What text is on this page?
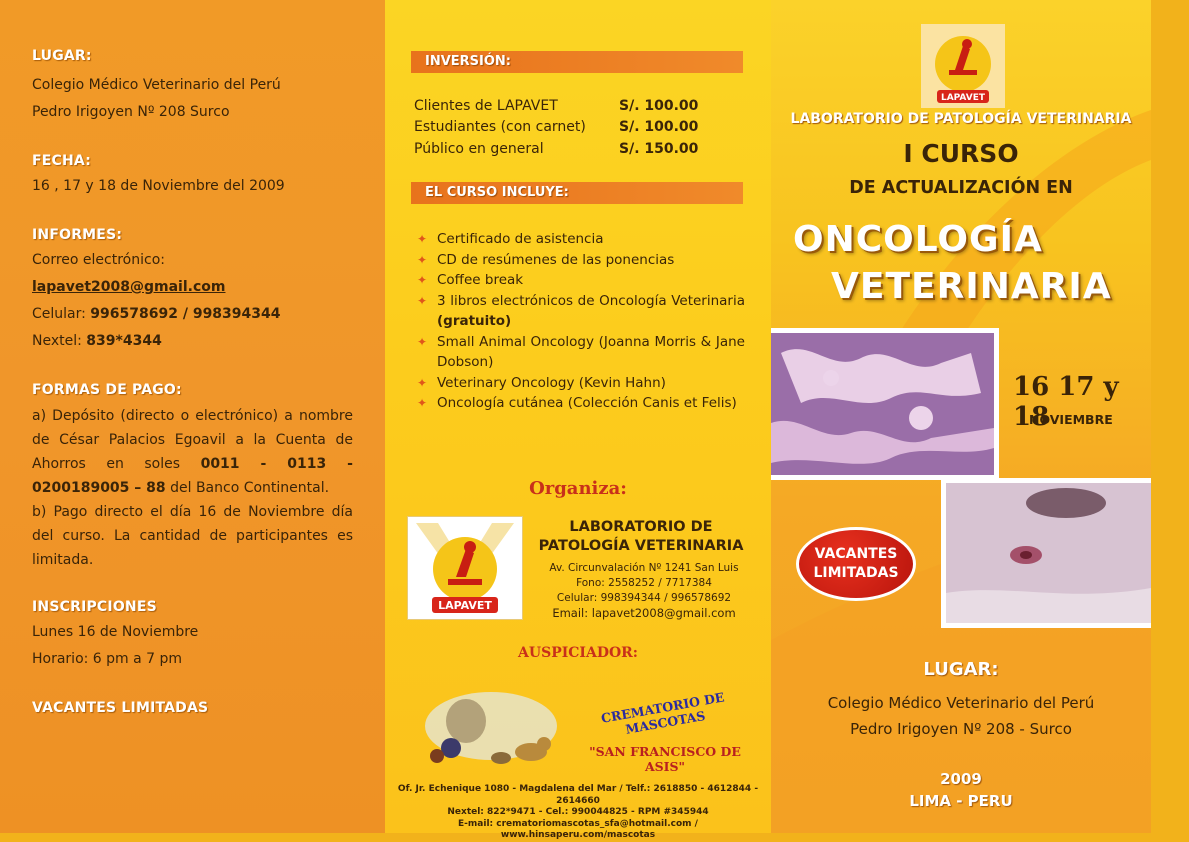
LUGAR:
Colegio Médico Veterinario del Perú
Pedro Irigoyen Nº 208 Surco
FECHA:
16 , 17 y 18 de Noviembre del 2009
INFORMES:
Correo electrónico:
lapavet2008@gmail.com
Celular: 996578692 / 998394344
Nextel: 839*4344
FORMAS DE PAGO:
a) Depósito (directo o electrónico) a nombre de César Palacios Egoavil a la Cuenta de Ahorros en soles 0011 - 0113 - 0200189005 – 88 del Banco Continental.
b) Pago directo el día 16 de Noviembre día del curso. La cantidad de participantes es limitada.
INSCRIPCIONES
Lunes 16 de Noviembre
Horario: 6 pm a 7 pm
VACANTES LIMITADAS
INVERSIÓN:
Clientes de LAPAVET	S/. 100.00
Estudiantes (con carnet) S/. 100.00
Público en general	S/. 150.00
EL CURSO INCLUYE:
✦ Certificado de asistencia
✦ CD de resúmenes de las ponencias
✦ Coffee break
✦ 3 libros electrónicos de Oncología Veterinaria (gratuito)
✦ Small Animal Oncology (Joanna Morris & Jane Dobson)
✦ Veterinary Oncology (Kevin Hahn)
✦ Oncología cutánea (Colección Canis et Felis)
Organiza:
LAPAVET
LABORATORIO DE
PATOLOGÍA VETERINARIA
Av. Circunvalación Nº 1241 San Luis
Fono: 2558252 / 7717384
Celular: 998394344 / 996578692
Email: lapavet2008@gmail.com
AUSPICIADOR:
CREMATORIO DE MASCOTAS
"SAN FRANCISCO DE ASIS"
Of. Jr. Echenique 1080 - Magdalena del Mar / Telf.: 2618850 - 4612844 - 2614660
Nextel: 822*9471 - Cel.: 990044825 - RPM #345944
E-mail: crematoriomascotas_sfa@hotmail.com / www.hinsaperu.com/mascotas
LAPAVET
LABORATORIO DE PATOLOGÍA VETERINARIA
I CURSO
DE ACTUALIZACIÓN EN
ONCOLOGÍA
VETERINARIA
16 17 y 18
NOVIEMBRE
VACANTES
LIMITADAS
LUGAR:
Colegio Médico Veterinario del Perú
Pedro Irigoyen Nº 208 - Surco
2009
LIMA - PERU
